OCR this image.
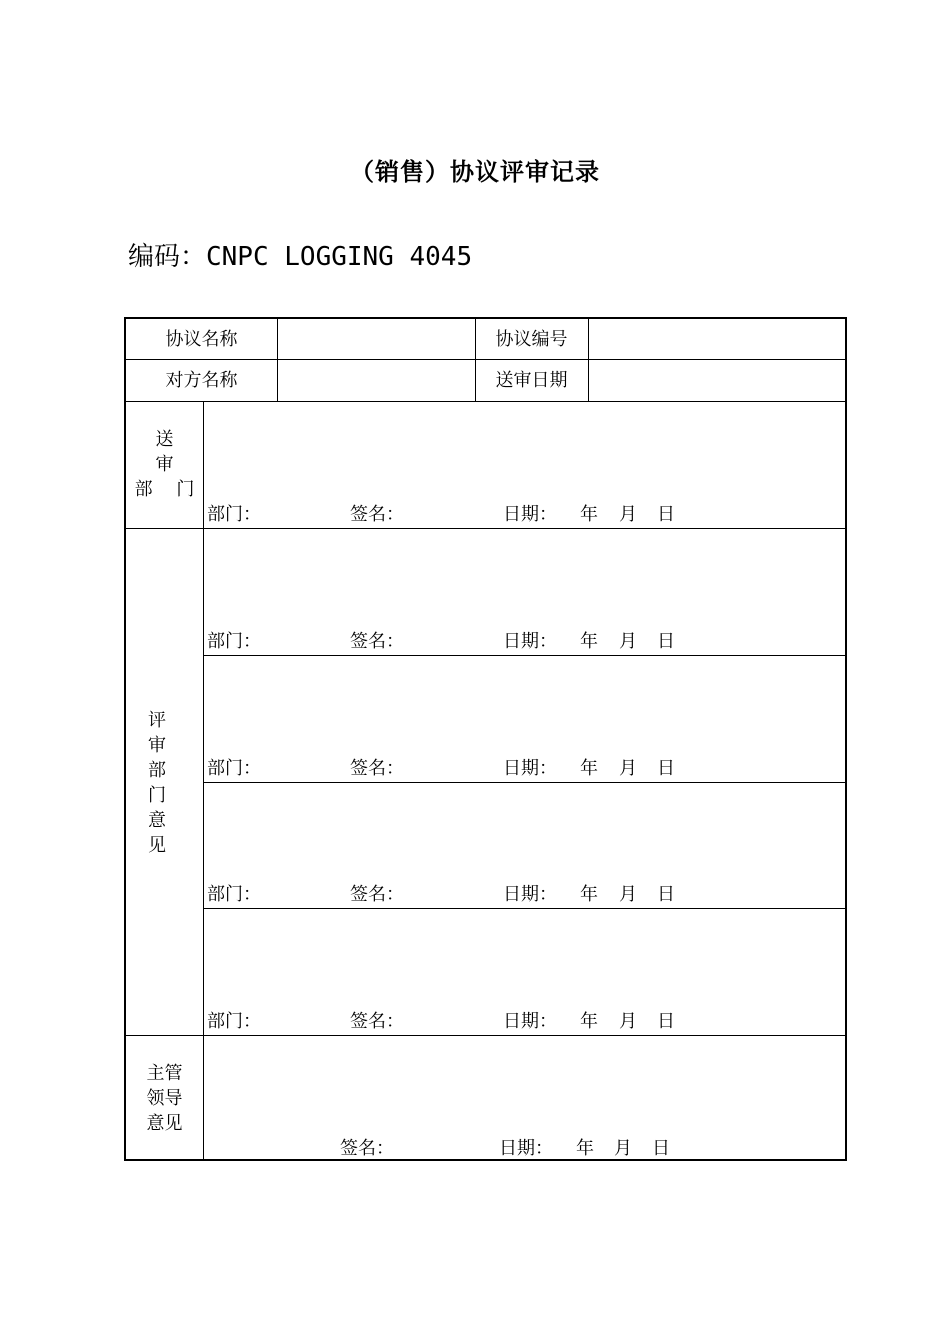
（销售）协议评审记录
编码：CNPC LOGGING 4045
协议名称	协议编号
对方名称	送审日期
送
审
部　 门
部门：	签名：	日期： 年 月 日
评
审
部
门
意
见
部门：	签名：	日期： 年 月 日
部门：	签名：	日期： 年 月 日
部门：	签名：	日期： 年 月 日
部门：	签名：	日期： 年 月 日
主管
领导
意见
签名：	日期： 年 月 日
